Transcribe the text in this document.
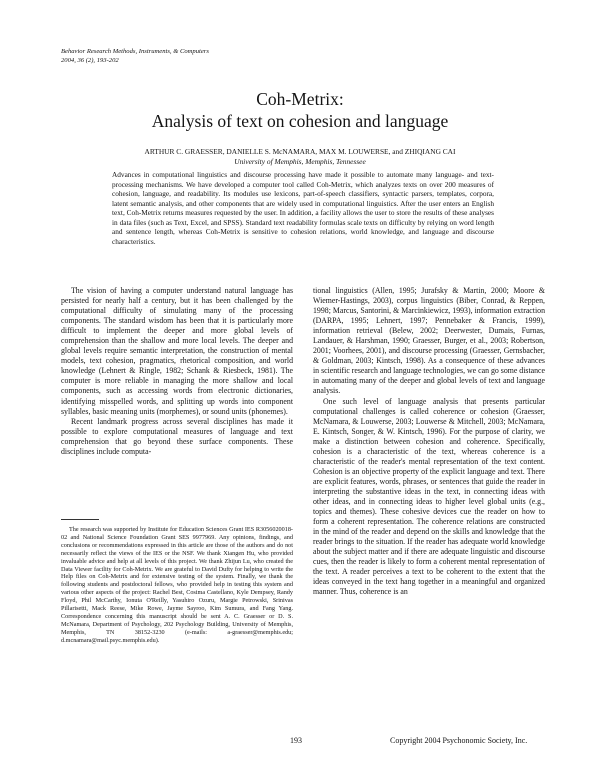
Behavior Research Methods, Instruments, & Computers
2004, 36 (2), 193-202
Coh-Metrix:
Analysis of text on cohesion and language
ARTHUR C. GRAESSER, DANIELLE S. McNAMARA, MAX M. LOUWERSE, and ZHIQIANG CAI
University of Memphis, Memphis, Tennessee
Advances in computational linguistics and discourse processing have made it possible to automate many language- and text-processing mechanisms. We have developed a computer tool called Coh-Metrix, which analyzes texts on over 200 measures of cohesion, language, and readability. Its modules use lexicons, part-of-speech classifiers, syntactic parsers, templates, corpora, latent semantic analysis, and other components that are widely used in computational linguistics. After the user enters an English text, Coh-Metrix returns measures requested by the user. In addition, a facility allows the user to store the results of these analyses in data files (such as Text, Excel, and SPSS). Standard text readability formulas scale texts on difficulty by relying on word length and sentence length, whereas Coh-Metrix is sensitive to cohesion relations, world knowledge, and language and discourse characteristics.

The vision of having a computer understand natural language has persisted for nearly half a century, but it has been challenged by the computational difficulty of simulating many of the processing components. The standard wisdom has been that it is particularly more difficult to implement the deeper and more global levels of comprehension than the shallow and more local levels. The deeper and global levels require semantic interpretation, the construction of mental models, text cohesion, pragmatics, rhetorical composition, and world knowledge (Lehnert & Ringle, 1982; Schank & Riesbeck, 1981). The computer is more reliable in managing the more shallow and local components, such as accessing words from electronic dictionaries, identifying misspelled words, and splitting up words into component syllables, basic meaning units (morphemes), or sound units (phonemes).

Recent landmark progress across several disciplines has made it possible to explore computational measures of language and text comprehension that go beyond these surface components. These disciplines include computa-

The research was supported by Institute for Education Sciences Grant IES R3056020018-02 and National Science Foundation Grant SES 9977969. Any opinions, findings, and conclusions or recommendations expressed in this article are those of the authors and do not necessarily reflect the views of the IES or the NSF. We thank Xiangen Hu, who provided invaluable advice and help at all levels of this project. We thank Zhijun Lu, who created the Data Viewer facility for Coh-Metrix. We are grateful to David Dufty for helping to write the Help files on Coh-Metrix and for extensive testing of the system. Finally, we thank the following students and postdoctoral fellows, who provided help in testing this system and various other aspects of the project: Rachel Best, Cosima Castellano, Kyle Dempsey, Randy Floyd, Phil McCarthy, Ionuta O'Reilly, Yasuhiro Ozuru, Margie Petrowski, Srinivas Pillarisetti, Mack Reese, Mike Rowe, Jayme Sayroo, Kim Sumura, and Fang Yang. Correspondence concerning this manuscript should be sent A. C. Graesser or D. S. McNamara, Department of Psychology, 202 Psychology Building, University of Memphis, Memphis, TN 38152-3230 (e-mails: a-graesser@memphis.edu; d.mcnamara@mail.psyc.memphis.edu).

tional linguistics (Allen, 1995; Jurafsky & Martin, 2000; Moore & Wiemer-Hastings, 2003), corpus linguistics (Biber, Conrad, & Reppen, 1998; Marcus, Santorini, & Marcinkiewicz, 1993), information extraction (DARPA, 1995; Lehnert, 1997; Pennebaker & Francis, 1999), information retrieval (Belew, 2002; Deerwester, Dumais, Furnas, Landauer, & Harshman, 1990; Graesser, Burger, et al., 2003; Robertson, 2001; Voorhees, 2001), and discourse processing (Graesser, Gernsbacher, & Goldman, 2003; Kintsch, 1998). As a consequence of these advances in scientific research and language technologies, we can go some distance in automating many of the deeper and global levels of text and language analysis.

One such level of language analysis that presents particular computational challenges is called coherence or cohesion (Graesser, McNamara, & Louwerse, 2003; Louwerse & Mitchell, 2003; McNamara, E. Kintsch, Songer, & W. Kintsch, 1996). For the purpose of clarity, we make a distinction between cohesion and coherence. Specifically, cohesion is a characteristic of the text, whereas coherence is a characteristic of the reader's mental representation of the text content. Cohesion is an objective property of the explicit language and text. There are explicit features, words, phrases, or sentences that guide the reader in interpreting the substantive ideas in the text, in connecting ideas with other ideas, and in connecting ideas to higher level global units (e.g., topics and themes). These cohesive devices cue the reader on how to form a coherent representation. The coherence relations are constructed in the mind of the reader and depend on the skills and knowledge that the reader brings to the situation. If the reader has adequate world knowledge about the subject matter and if there are adequate linguistic and discourse cues, then the reader is likely to form a coherent mental representation of the text. A reader perceives a text to be coherent to the extent that the ideas conveyed in the text hang together in a meaningful and organized manner. Thus, coherence is an

193	Copyright 2004 Psychonomic Society, Inc.
